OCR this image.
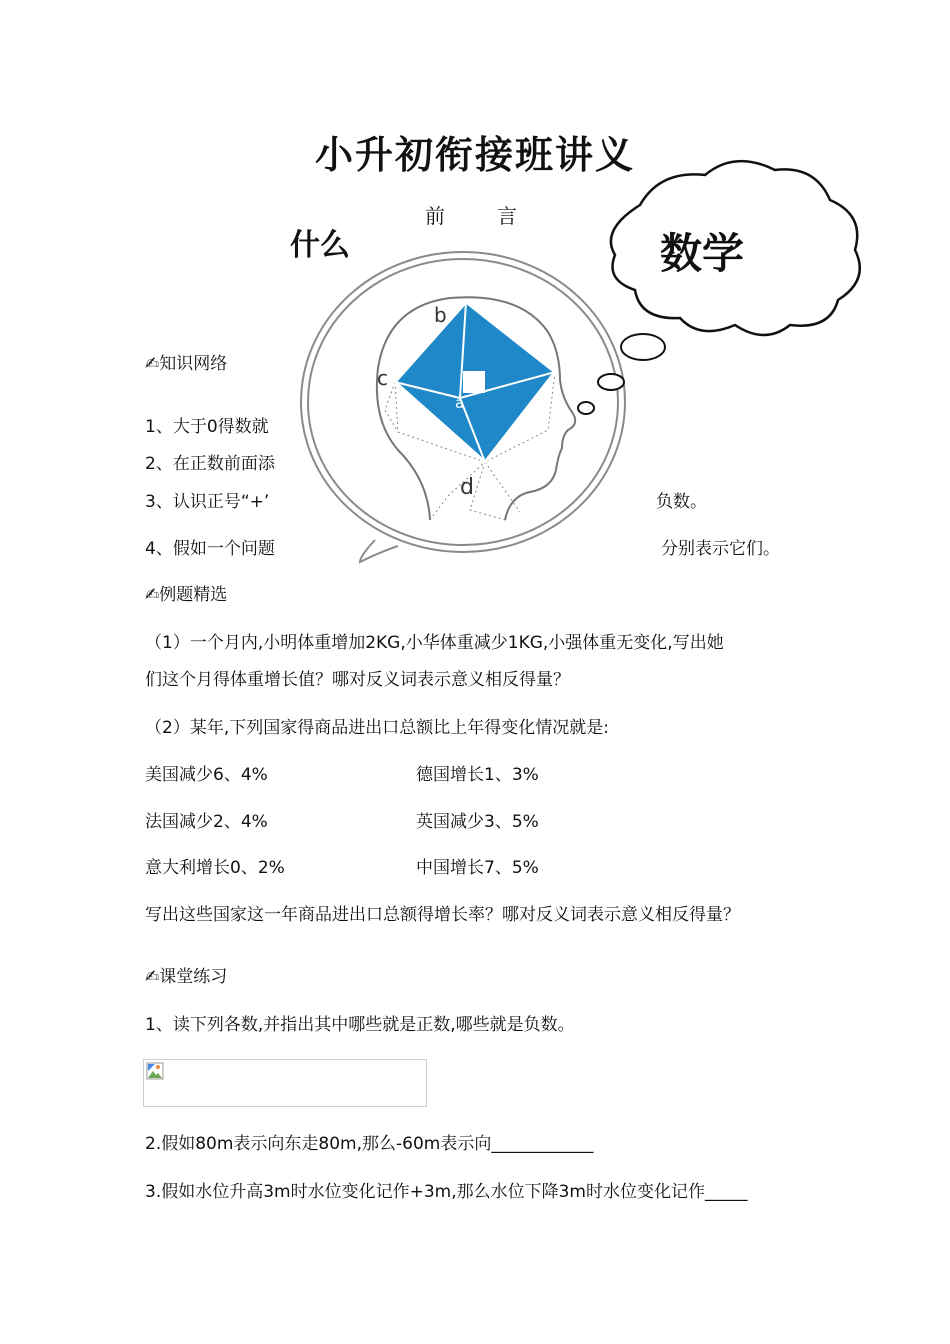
小升初衔接班讲义
前言
什么
a
b
c
d
数学
✍知识网络
1、大于0得数就
2、在正数前面添
3、认识正号“+’	负数。
4、假如一个问题	分别表示它们。
✍例题精选
（1）一个月内,小明体重增加2KG,小华体重减少1KG,小强体重无变化,写出她
们这个月得体重增长值？哪对反义词表示意义相反得量？
（2）某年,下列国家得商品进出口总额比上年得变化情况就是:
美国减少6、4%	德国增长1、3%
法国减少2、4%	英国减少3、5%
意大利增长0、2%	中国增长7、5%
写出这些国家这一年商品进出口总额得增长率？哪对反义词表示意义相反得量？
✍课堂练习
1、读下列各数,并指出其中哪些就是正数,哪些就是负数。
2.假如80m表示向东走80m,那么-60m表示向____________
3.假如水位升高3m时水位变化记作+3m,那么水位下降3m时水位变化记作_____
